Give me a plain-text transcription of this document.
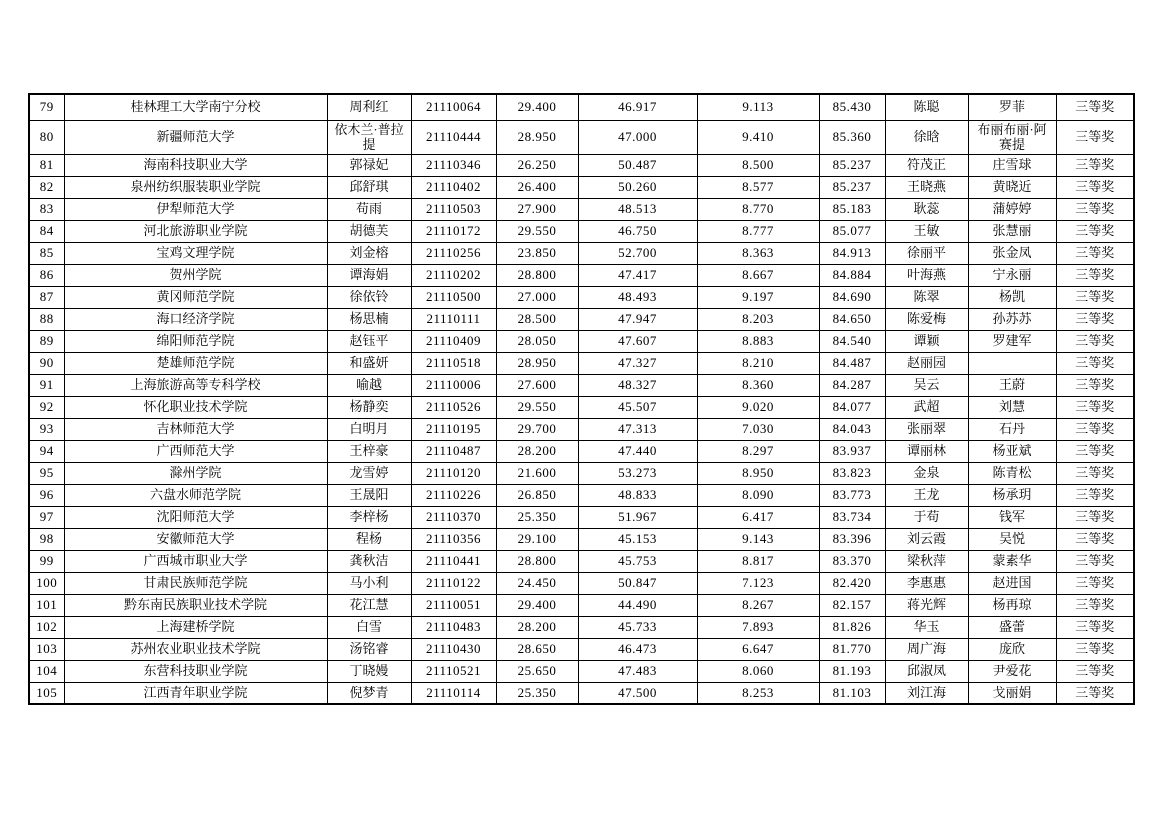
79	桂林理工大学南宁分校	周利红	21110064	29.400	46.917	9.113	85.430	陈聪	罗菲	三等奖
80	新疆师范大学	依木兰·普拉提	21110444	28.950	47.000	9.410	85.360	徐晗	布丽布丽·阿赛提	三等奖
81	海南科技职业大学	郭禄妃	21110346	26.250	50.487	8.500	85.237	符茂正	庄雪球	三等奖
82	泉州纺织服装职业学院	邱舒琪	21110402	26.400	50.260	8.577	85.237	王晓燕	黄晓近	三等奖
83	伊犁师范大学	苟雨	21110503	27.900	48.513	8.770	85.183	耿蕊	蒲婷婷	三等奖
84	河北旅游职业学院	胡德芙	21110172	29.550	46.750	8.777	85.077	王敏	张慧丽	三等奖
85	宝鸡文理学院	刘金榕	21110256	23.850	52.700	8.363	84.913	徐丽平	张金凤	三等奖
86	贺州学院	谭海娟	21110202	28.800	47.417	8.667	84.884	叶海燕	宁永丽	三等奖
87	黄冈师范学院	徐依铃	21110500	27.000	48.493	9.197	84.690	陈翠	杨凯	三等奖
88	海口经济学院	杨思楠	21110111	28.500	47.947	8.203	84.650	陈爱梅	孙苏苏	三等奖
89	绵阳师范学院	赵钰平	21110409	28.050	47.607	8.883	84.540	谭颖	罗建军	三等奖
90	楚雄师范学院	和盛妍	21110518	28.950	47.327	8.210	84.487	赵丽园		三等奖
91	上海旅游高等专科学校	喻越	21110006	27.600	48.327	8.360	84.287	吴云	王蔚	三等奖
92	怀化职业技术学院	杨静奕	21110526	29.550	45.507	9.020	84.077	武超	刘慧	三等奖
93	吉林师范大学	白明月	21110195	29.700	47.313	7.030	84.043	张丽翠	石丹	三等奖
94	广西师范大学	王梓豪	21110487	28.200	47.440	8.297	83.937	谭丽林	杨亚斌	三等奖
95	滁州学院	龙雪婷	21110120	21.600	53.273	8.950	83.823	金泉	陈青松	三等奖
96	六盘水师范学院	王晟阳	21110226	26.850	48.833	8.090	83.773	王龙	杨承玥	三等奖
97	沈阳师范大学	李梓杨	21110370	25.350	51.967	6.417	83.734	于苟	钱军	三等奖
98	安徽师范大学	程杨	21110356	29.100	45.153	9.143	83.396	刘云霞	吴悦	三等奖
99	广西城市职业大学	龚秋洁	21110441	28.800	45.753	8.817	83.370	梁秋萍	蒙素华	三等奖
100	甘肃民族师范学院	马小利	21110122	24.450	50.847	7.123	82.420	李惠惠	赵进国	三等奖
101	黔东南民族职业技术学院	花江慧	21110051	29.400	44.490	8.267	82.157	蒋光辉	杨再琼	三等奖
102	上海建桥学院	白雪	21110483	28.200	45.733	7.893	81.826	华玉	盛蕾	三等奖
103	苏州农业职业技术学院	汤铭睿	21110430	28.650	46.473	6.647	81.770	周广海	庞欣	三等奖
104	东营科技职业学院	丁晓嫚	21110521	25.650	47.483	8.060	81.193	邱淑凤	尹爱花	三等奖
105	江西青年职业学院	倪梦青	21110114	25.350	47.500	8.253	81.103	刘江海	戈丽娟	三等奖
